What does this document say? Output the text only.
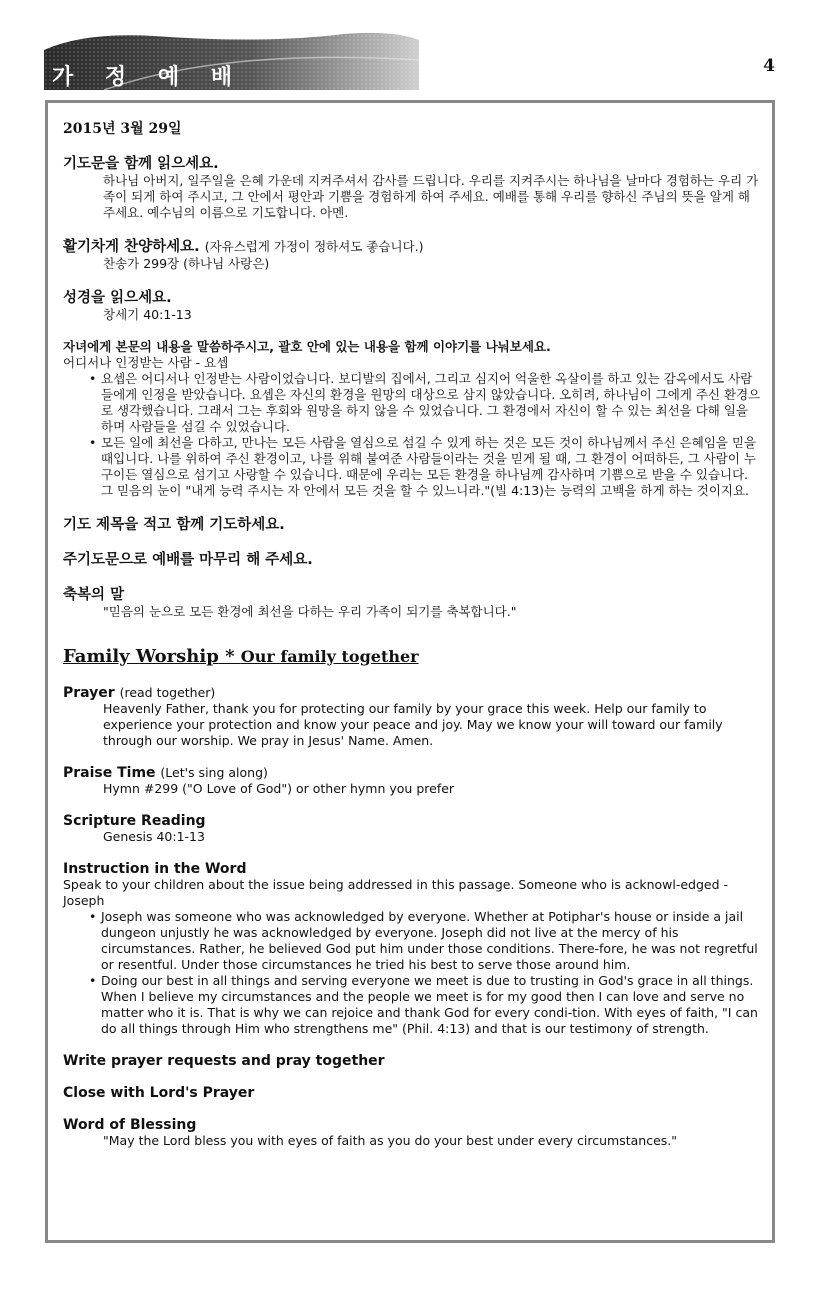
가 정 예 배	4

2015년 3월 29일

기도문을 함께 읽으세요.

하나님 아버지, 일주일을 은혜 가운데 지켜주셔서 감사를 드립니다. 우리를 지켜주시는 하나님을 날마다 경험하는 우리 가족이 되게 하여 주시고, 그 안에서 평안과 기쁨을 경험하게 하여 주세요. 예배를 통해 우리를 향하신 주님의 뜻을 알게 해 주세요. 예수님의 이름으로 기도합니다. 아멘.

활기차게 찬양하세요. (자유스럽게 가정이 정하셔도 좋습니다.)

찬송가 299장 (하나님 사랑은)

성경을 읽으세요.

창세기 40:1-13

자녀에게 본문의 내용을 말씀하주시고, 괄호 안에 있는 내용을 함께 이야기를 나눠보세요.

어디서나 인정받는 사람 - 요셉

• 요셉은 어디서나 인정받는 사람이었습니다. 보디발의 집에서, 그리고 심지어 억울한 옥살이를 하고 있는 감옥에서도 사람들에게 인정을 받았습니다. 요셉은 자신의 환경을 원망의 대상으로 삼지 않았습니다. 오히려, 하나님이 그에게 주신 환경으로 생각했습니다. 그래서 그는 후회와 원망을 하지 않을 수 있었습니다. 그 환경에서 자신이 할 수 있는 최선을 다해 일을 하며 사람들을 섬길 수 있었습니다.
• 모든 일에 최선을 다하고, 만나는 모든 사람을 열심으로 섬길 수 있게 하는 것은 모든 것이 하나님께서 주신 은혜임을 믿을 때입니다. 나를 위하여 주신 환경이고, 나를 위해 붙여준 사람들이라는 것을 믿게 될 때, 그 환경이 어떠하든, 그 사람이 누구이든 열심으로 섬기고 사랑할 수 있습니다. 때문에 우리는 모든 환경을 하나님께 감사하며 기쁨으로 받을 수 있습니다. 그 믿음의 눈이 "내게 능력 주시는 자 안에서 모든 것을 할 수 있느니라."(빌 4:13)는 능력의 고백을 하게 하는 것이지요.

기도 제목을 적고 함께 기도하세요.

주기도문으로 예배를 마무리 해 주세요.

축복의 말

"믿음의 눈으로 모든 환경에 최선을 다하는 우리 가족이 되기를 축복합니다."

Family Worship * Our family together

Prayer (read together)

Heavenly Father, thank you for protecting our family by your grace this week. Help our family to experience your protection and know your peace and joy. May we know your will toward our family through our worship. We pray in Jesus' Name. Amen.

Praise Time (Let's sing along)

Hymn #299 ("O Love of God") or other hymn you prefer

Scripture Reading

Genesis 40:1-13

Instruction in the Word

Speak to your children about the issue being addressed in this passage. Someone who is acknowl-edged - Joseph

• Joseph was someone who was acknowledged by everyone. Whether at Potiphar's house or inside a jail dungeon unjustly he was acknowledged by everyone. Joseph did not live at the mercy of his circumstances. Rather, he believed God put him under those conditions. There-fore, he was not regretful or resentful. Under those circumstances he tried his best to serve those around him.
• Doing our best in all things and serving everyone we meet is due to trusting in God's grace in all things. When I believe my circumstances and the people we meet is for my good then I can love and serve no matter who it is. That is why we can rejoice and thank God for every condi-tion. With eyes of faith, "I can do all things through Him who strengthens me" (Phil. 4:13) and that is our testimony of strength.

Write prayer requests and pray together

Close with Lord's Prayer

Word of Blessing

"May the Lord bless you with eyes of faith as you do your best under every circumstances."
